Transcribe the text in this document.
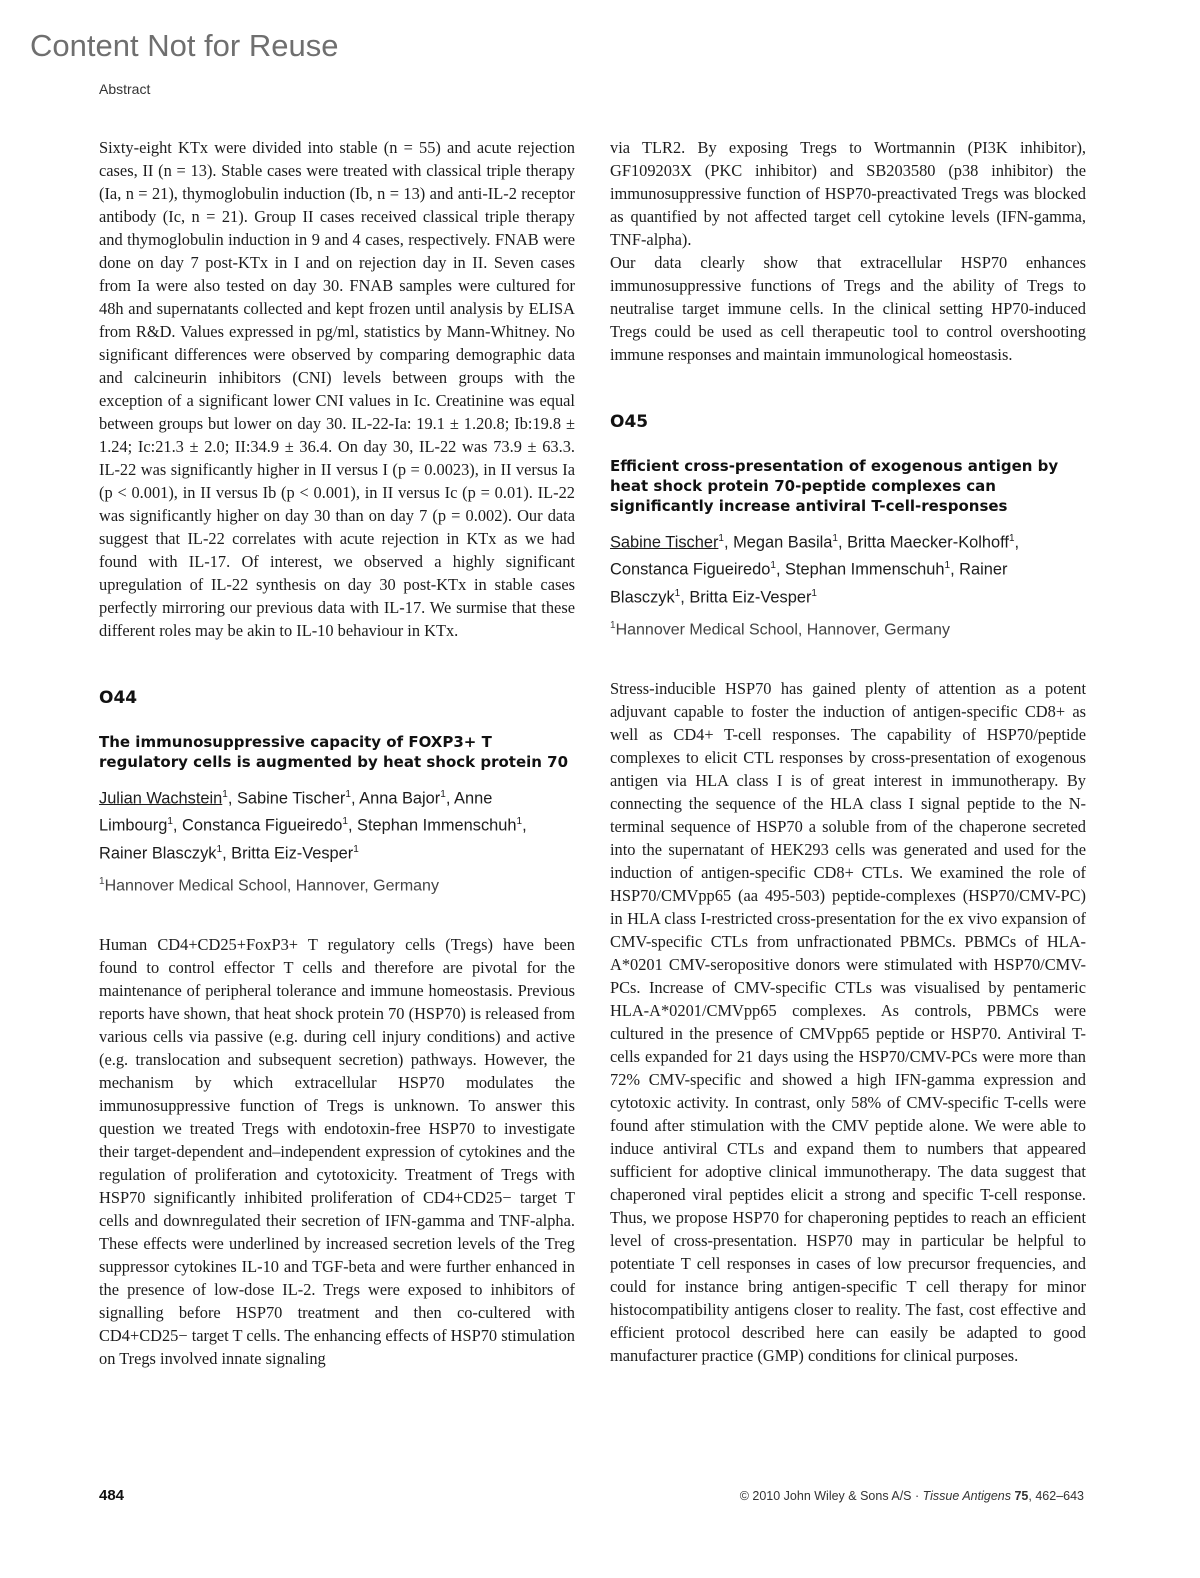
Content Not for Reuse
Abstract

Sixty-eight KTx were divided into stable (n = 55) and acute rejection cases, II (n = 13). Stable cases were treated with classical triple therapy (Ia, n = 21), thymoglobulin induction (Ib, n = 13) and anti-IL-2 receptor antibody (Ic, n = 21). Group II cases received classical triple therapy and thymoglobulin induction in 9 and 4 cases, respectively. FNAB were done on day 7 post-KTx in I and on rejection day in II. Seven cases from Ia were also tested on day 30. FNAB samples were cultured for 48h and supernatants collected and kept frozen until analysis by ELISA from R&D. Values expressed in pg/ml, statistics by Mann-Whitney. No significant differences were observed by comparing demographic data and calcineurin inhibitors (CNI) levels between groups with the exception of a significant lower CNI values in Ic. Creatinine was equal between groups but lower on day 30. IL-22-Ia: 19.1 ± 1.20.8; Ib:19.8 ± 1.24; Ic:21.3 ± 2.0; II:34.9 ± 36.4. On day 30, IL-22 was 73.9 ± 63.3. IL-22 was significantly higher in II versus I (p = 0.0023), in II versus Ia (p < 0.001), in II versus Ib (p < 0.001), in II versus Ic (p = 0.01). IL-22 was significantly higher on day 30 than on day 7 (p = 0.002). Our data suggest that IL-22 correlates with acute rejection in KTx as we had found with IL-17. Of interest, we observed a highly significant upregulation of IL-22 synthesis on day 30 post-KTx in stable cases perfectly mirroring our previous data with IL-17. We surmise that these different roles may be akin to IL-10 behaviour in KTx.

O44
The immunosuppressive capacity of FOXP3+ T regulatory cells is augmented by heat shock protein 70
Julian Wachstein$^1$, Sabine Tischer$^1$, Anna Bajor$^1$, Anne Limbourg$^1$, Constanca Figueiredo$^1$, Stephan Immenschuh$^1$, Rainer Blasczyk$^1$, Britta Eiz-Vesper$^1$
$^1$Hannover Medical School, Hannover, Germany

Human CD4+CD25+FoxP3+ T regulatory cells (Tregs) have been found to control effector T cells and therefore are pivotal for the maintenance of peripheral tolerance and immune homeostasis. Previous reports have shown, that heat shock protein 70 (HSP70) is released from various cells via passive (e.g. during cell injury conditions) and active (e.g. translocation and subsequent secretion) pathways. However, the mechanism by which extracellular HSP70 modulates the immunosuppressive function of Tregs is unknown. To answer this question we treated Tregs with endotoxin-free HSP70 to investigate their target-dependent and–independent expression of cytokines and the regulation of proliferation and cytotoxicity. Treatment of Tregs with HSP70 significantly inhibited proliferation of CD4+CD25− target T cells and downregulated their secretion of IFN-gamma and TNF-alpha. These effects were underlined by increased secretion levels of the Treg suppressor cytokines IL-10 and TGF-beta and were further enhanced in the presence of low-dose IL-2. Tregs were exposed to inhibitors of signalling before HSP70 treatment and then co-cultered with CD4+CD25− target T cells. The enhancing effects of HSP70 stimulation on Tregs involved innate signaling

via TLR2. By exposing Tregs to Wortmannin (PI3K inhibitor), GF109203X (PKC inhibitor) and SB203580 (p38 inhibitor) the immunosuppressive function of HSP70-preactivated Tregs was blocked as quantified by not affected target cell cytokine levels (IFN-gamma, TNF-alpha).

Our data clearly show that extracellular HSP70 enhances immunosuppressive functions of Tregs and the ability of Tregs to neutralise target immune cells. In the clinical setting HP70-induced Tregs could be used as cell therapeutic tool to control overshooting immune responses and maintain immunological homeostasis.

O45
Efficient cross-presentation of exogenous antigen by heat shock protein 70-peptide complexes can significantly increase antiviral T-cell-responses
Sabine Tischer$^1$, Megan Basila$^1$, Britta Maecker-Kolhoff$^1$, Constanca Figueiredo$^1$, Stephan Immenschuh$^1$, Rainer Blasczyk$^1$, Britta Eiz-Vesper$^1$
$^1$Hannover Medical School, Hannover, Germany

Stress-inducible HSP70 has gained plenty of attention as a potent adjuvant capable to foster the induction of antigen-specific CD8+ as well as CD4+ T-cell responses. The capability of HSP70/peptide complexes to elicit CTL responses by cross-presentation of exogenous antigen via HLA class I is of great interest in immunotherapy. By connecting the sequence of the HLA class I signal peptide to the N-terminal sequence of HSP70 a soluble from of the chaperone secreted into the supernatant of HEK293 cells was generated and used for the induction of antigen-specific CD8+ CTLs. We examined the role of HSP70/CMVpp65 (aa 495-503) peptide-complexes (HSP70/CMV-PC) in HLA class I-restricted cross-presentation for the ex vivo expansion of CMV-specific CTLs from unfractionated PBMCs. PBMCs of HLA-A*0201 CMV-seropositive donors were stimulated with HSP70/CMV-PCs. Increase of CMV-specific CTLs was visualised by pentameric HLA-A*0201/CMVpp65 complexes. As controls, PBMCs were cultured in the presence of CMVpp65 peptide or HSP70. Antiviral T-cells expanded for 21 days using the HSP70/CMV-PCs were more than 72% CMV-specific and showed a high IFN-gamma expression and cytotoxic activity. In contrast, only 58% of CMV-specific T-cells were found after stimulation with the CMV peptide alone. We were able to induce antiviral CTLs and expand them to numbers that appeared sufficient for adoptive clinical immunotherapy. The data suggest that chaperoned viral peptides elicit a strong and specific T-cell response. Thus, we propose HSP70 for chaperoning peptides to reach an efficient level of cross-presentation. HSP70 may in particular be helpful to potentiate T cell responses in cases of low precursor frequencies, and could for instance bring antigen-specific T cell therapy for minor histocompatibility antigens closer to reality. The fast, cost effective and efficient protocol described here can easily be adapted to good manufacturer practice (GMP) conditions for clinical purposes.

484	© 2010 John Wiley & Sons A/S · Tissue Antigens 75, 462–643
